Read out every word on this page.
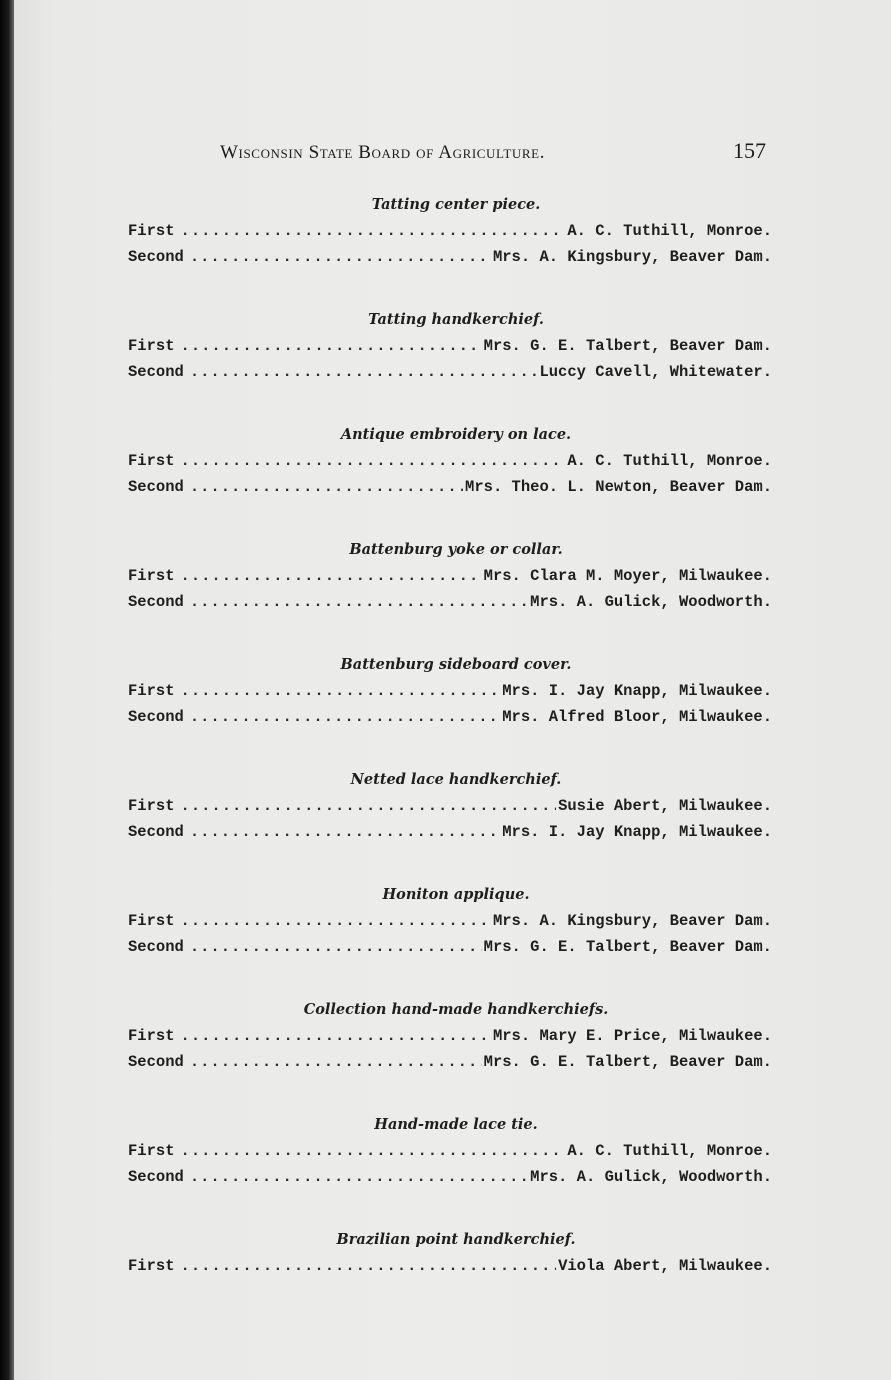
Wisconsin State Board of Agriculture.	157
Tatting center piece.
First .....	A. C. Tuthill, Monroe.
Second .....	Mrs. A. Kingsbury, Beaver Dam.
Tatting handkerchief.
First .....	Mrs. G. E. Talbert, Beaver Dam.
Second .....	Luccy Cavell, Whitewater.
Antique embroidery on lace.
First .....	A. C. Tuthill, Monroe.
Second .....	Mrs. Theo. L. Newton, Beaver Dam.
Battenburg yoke or collar.
First .....	Mrs. Clara M. Moyer, Milwaukee.
Second .....	Mrs. A. Gulick, Woodworth.
Battenburg sideboard cover.
First .....	Mrs. I. Jay Knapp, Milwaukee.
Second .....	Mrs. Alfred Bloor, Milwaukee.
Netted lace handkerchief.
First .....	Susie Abert, Milwaukee.
Second .....	Mrs. I. Jay Knapp, Milwaukee.
Honiton applique.
First .....	Mrs. A. Kingsbury, Beaver Dam.
Second .....	Mrs. G. E. Talbert, Beaver Dam.
Collection hand-made handkerchiefs.
First .....	Mrs. Mary E. Price, Milwaukee.
Second .....	Mrs. G. E. Talbert, Beaver Dam.
Hand-made lace tie.
First .....	A. C. Tuthill, Monroe.
Second .....	Mrs. A. Gulick, Woodworth.
Brazilian point handkerchief.
First .....	Viola Abert, Milwaukee.
